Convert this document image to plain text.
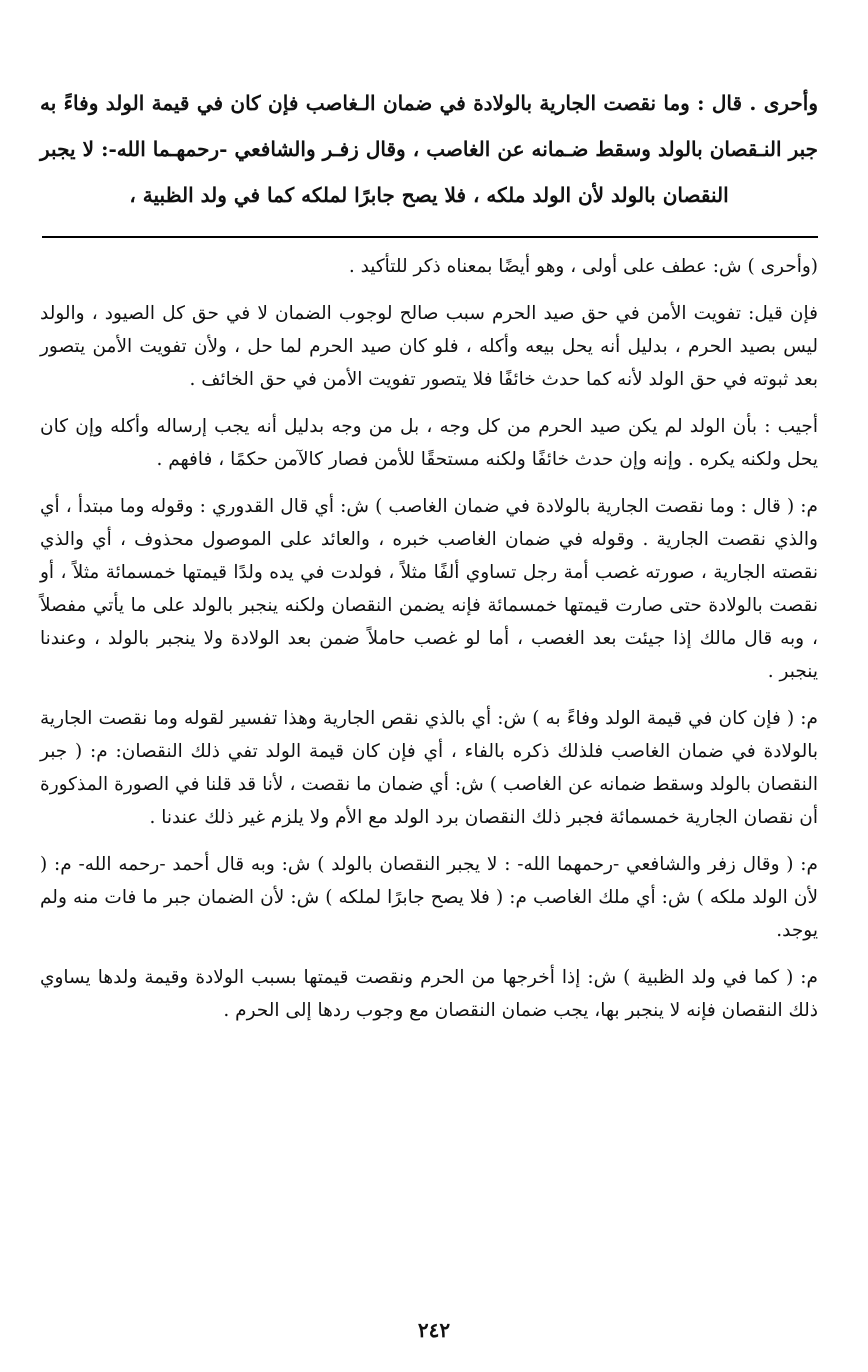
وأحرى . قال : وما نقصت الجارية بالولادة في ضمان الـغاصب فإن كان في قيمة الولد وفاءً به جبر النـقصان بالولد وسقط ضـمانه عن الغاصب ، وقال زفـر والشافعي -رحمهـما الله-: لا يجبر النقصان بالولد لأن الولد ملكه ، فلا يصح جابرًا لملكه كما في ولد الظبية ،

(وأحرى ) ش: عطف على أولى ، وهو أيضًا بمعناه ذكر للتأكيد .

فإن قيل: تفويت الأمن في حق صيد الحرم سبب صالح لوجوب الضمان لا في حق كل الصيود ، والولد ليس بصيد الحرم ، بدليل أنه يحل بيعه وأكله ، فلو كان صيد الحرم لما حل ، ولأن تفويت الأمن يتصور بعد ثبوته في حق الولد لأنه كما حدث خائفًا فلا يتصور تفويت الأمن في حق الخائف .

أجيب : بأن الولد لم يكن صيد الحرم من كل وجه ، بل من وجه بدليل أنه يجب إرساله وأكله وإن كان يحل ولكنه يكره . وإنه وإن حدث خائفًا ولكنه مستحقًا للأمن فصار كالآمن حكمًا ، فافهم .

م: ( قال : وما نقصت الجارية بالولادة في ضمان الغاصب ) ش: أي قال القدوري : وقوله وما مبتدأ ، أي والذي نقصت الجارية . وقوله في ضمان الغاصب خبره ، والعائد على الموصول محذوف ، أي والذي نقصته الجارية ، صورته غصب أمة رجل تساوي ألفًا مثلاً ، فولدت في يده ولدًا قيمتها خمسمائة مثلاً ، أو نقصت بالولادة حتى صارت قيمتها خمسمائة فإنه يضمن النقصان ولكنه ينجبر بالولد على ما يأتي مفصلاً ، وبه قال مالك إذا جيئت بعد الغصب ، أما لو غصب حاملاً ضمن بعد الولادة ولا ينجبر بالولد ، وعندنا ينجبر .

م: ( فإن كان في قيمة الولد وفاءً به ) ش: أي بالذي نقص الجارية وهذا تفسير لقوله وما نقصت الجارية بالولادة في ضمان الغاصب فلذلك ذكره بالفاء ، أي فإن كان قيمة الولد تفي ذلك النقصان: م: ( جبر النقصان بالولد وسقط ضمانه عن الغاصب ) ش: أي ضمان ما نقصت ، لأنا قد قلنا في الصورة المذكورة أن نقصان الجارية خمسمائة فجبر ذلك النقصان برد الولد مع الأم ولا يلزم غير ذلك عندنا .

م: ( وقال زفر والشافعي -رحمهما الله- : لا يجبر النقصان بالولد ) ش: وبه قال أحمد -رحمه الله- م: ( لأن الولد ملكه ) ش: أي ملك الغاصب م: ( فلا يصح جابرًا لملكه ) ش: لأن الضمان جبر ما فات منه ولم يوجد.

م: ( كما في ولد الظبية ) ش: إذا أخرجها من الحرم ونقصت قيمتها بسبب الولادة وقيمة ولدها يساوي ذلك النقصان فإنه لا ينجبر بها، يجب ضمان النقصان مع وجوب ردها إلى الحرم .

٢٤٢
